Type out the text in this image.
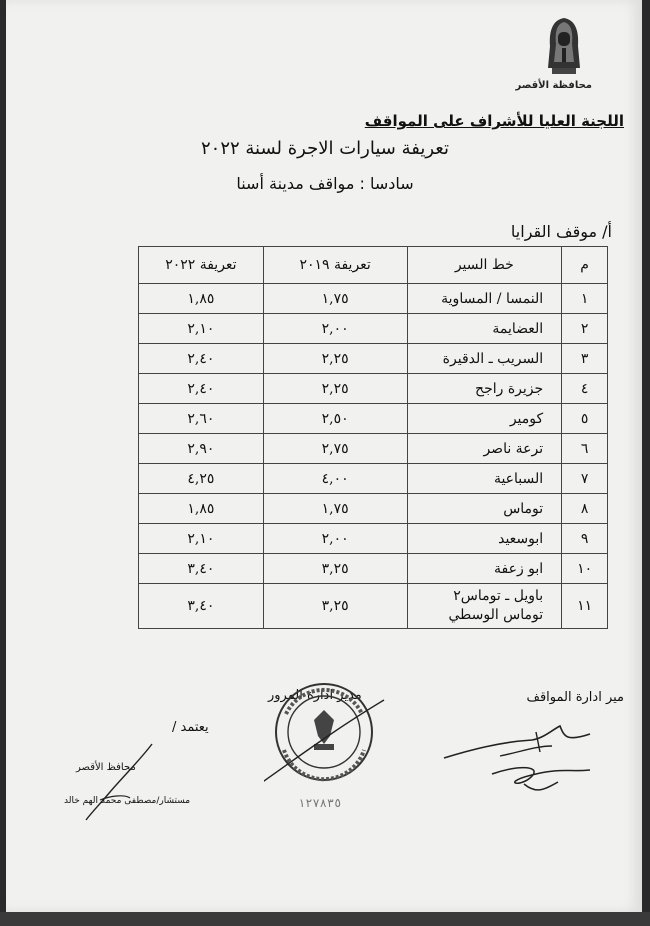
محافظة الأقصر
اللجنة العليا للأشراف على المواقف
تعريفة سيارات الاجرة لسنة ٢٠٢٢
سادسا : مواقف مدينة أسنا
أ/ موقف القرايا
م	خط السير	تعريفة ٢٠١٩	تعريفة ٢٠٢٢
١	النمسا / المساوية	١,٧٥	١,٨٥
٢	العضايمة	٢,٠٠	٢,١٠
٣	السريب ـ الدقيرة	٢,٢٥	٢,٤٠
٤	جزيرة راجح	٢,٢٥	٢,٤٠
٥	كومير	٢,٥٠	٢,٦٠
٦	ترعة ناصر	٢,٧٥	٢,٩٠
٧	السباعية	٤,٠٠	٤,٢٥
٨	توماس	١,٧٥	١,٨٥
٩	ابوسعيد	٢,٠٠	٢,١٠
١٠	ابو زعفة	٣,٢٥	٣,٤٠
١١	باويل ـ توماس٢
توماس الوسطي	٣,٢٥	٣,٤٠
مير ادارة المواقف
مدير ادارة المرور
١٢٧٨٣٥
يعتمد /
محافظ الأقصر
مستشار/مصطفى محمد الهم خالد
